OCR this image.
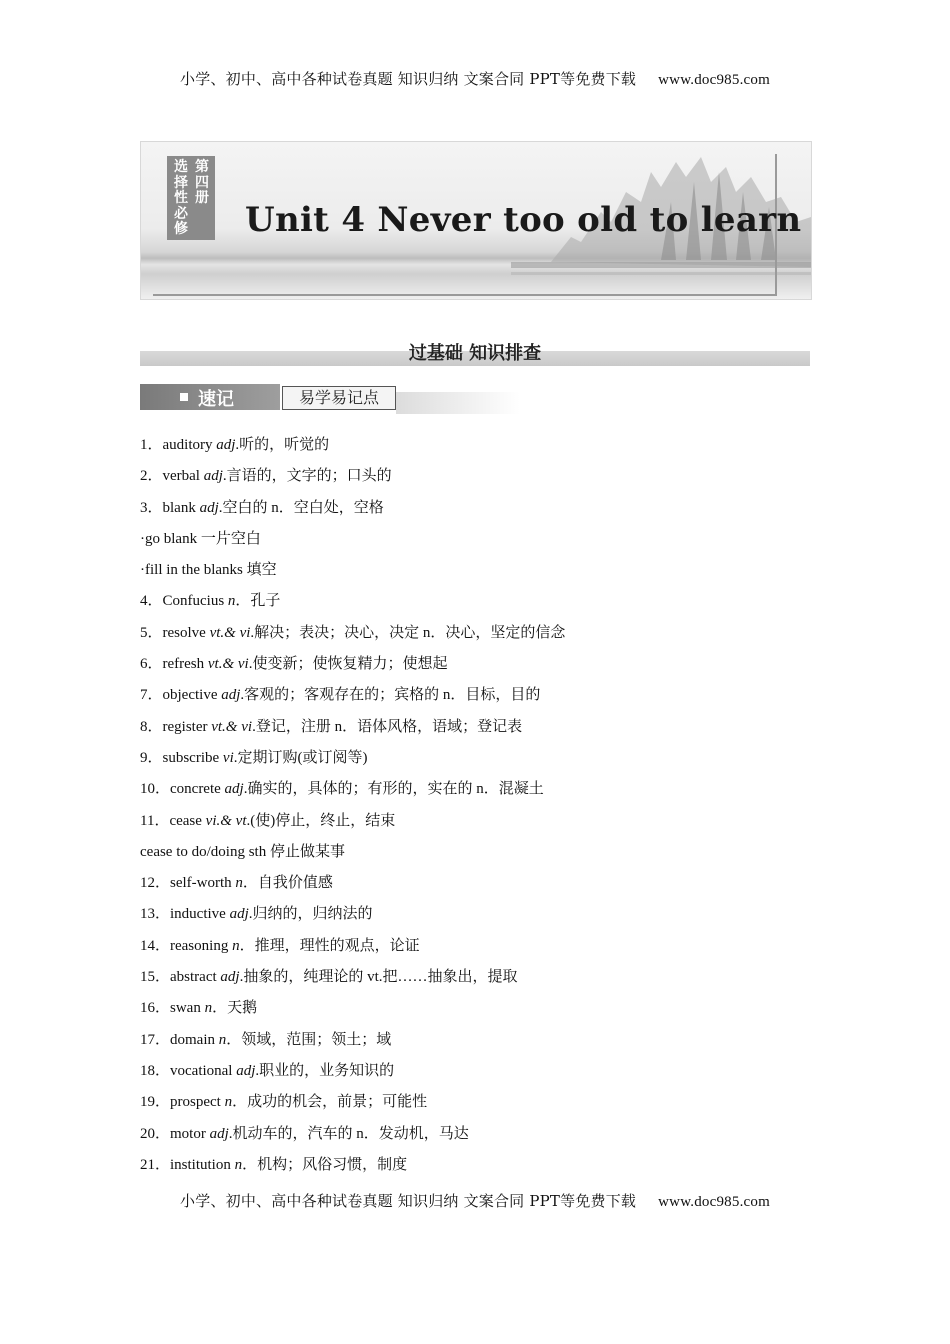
小学、初中、高中各种试卷真题 知识归纳 文案合同 PPT等免费下载 www.doc985.com
选
择
性
必
修
第
四
册
Unit 4 Never too old to learn
过基础 知识排查
速记	易学易记点
1．auditory adj.听的，听觉的
2．verbal adj.言语的，文字的；口头的
3．blank adj.空白的 n．空白处，空格
·go blank 一片空白
·fill in the blanks 填空
4．Confucius n．孔子
5．resolve vt.& vi.解决；表决；决心，决定 n．决心，坚定的信念
6．refresh vt.& vi.使变新；使恢复精力；使想起
7．objective adj.客观的；客观存在的；宾格的 n．目标，目的
8．register vt.& vi.登记，注册 n．语体风格，语域；登记表
9．subscribe vi.定期订购(或订阅等)
10．concrete adj.确实的，具体的；有形的，实在的 n．混凝土
11．cease vi.& vt.(使)停止，终止，结束
cease to do/doing sth 停止做某事
12．self-worth n．自我价值感
13．inductive adj.归纳的，归纳法的
14．reasoning n．推理，理性的观点，论证
15．abstract adj.抽象的，纯理论的 vt.把……抽象出，提取
16．swan n．天鹅
17．domain n．领域，范围；领土；域
18．vocational adj.职业的，业务知识的
19．prospect n．成功的机会，前景；可能性
20．motor adj.机动车的，汽车的 n．发动机，马达
21．institution n．机构；风俗习惯，制度
小学、初中、高中各种试卷真题 知识归纳 文案合同 PPT等免费下载 www.doc985.com
